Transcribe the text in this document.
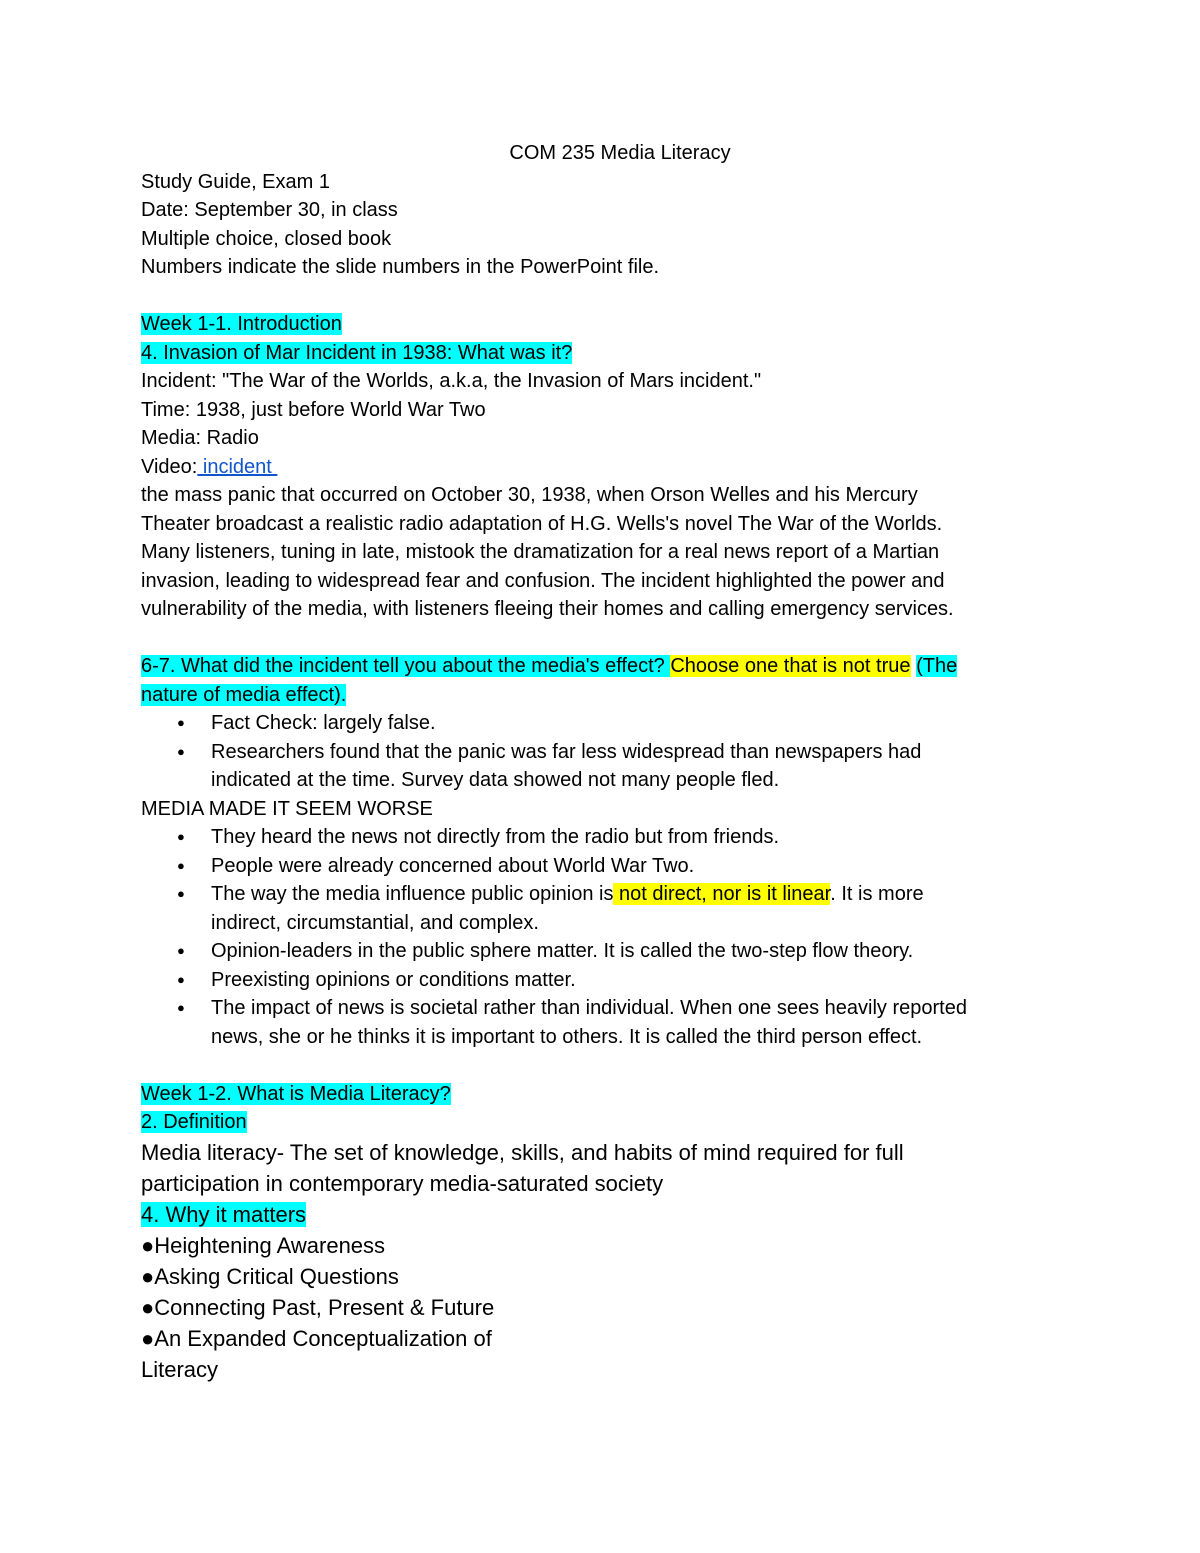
COM 235 Media Literacy

Study Guide, Exam 1

Date: September 30, in class

Multiple choice, closed book

Numbers indicate the slide numbers in the PowerPoint file.

Week 1-1. Introduction

4. Invasion of Mar Incident in 1938: What was it?

Incident: "The War of the Worlds, a.k.a, the Invasion of Mars incident."

Time: 1938, just before World War Two

Media: Radio

Video: incident

the mass panic that occurred on October 30, 1938, when Orson Welles and his Mercury

Theater broadcast a realistic radio adaptation of H.G. Wells's novel The War of the Worlds.

Many listeners, tuning in late, mistook the dramatization for a real news report of a Martian

invasion, leading to widespread fear and confusion. The incident highlighted the power and

vulnerability of the media, with listeners fleeing their homes and calling emergency services.

6-7. What did the incident tell you about the media's effect? Choose one that is not true (The

nature of media effect).

● Fact Check: largely false.
● Researchers found that the panic was far less widespread than newspapers had
indicated at the time. Survey data showed not many people fled.

MEDIA MADE IT SEEM WORSE

● They heard the news not directly from the radio but from friends.
● People were already concerned about World War Two.
● The way the media influence public opinion is not direct, nor is it linear. It is more
indirect, circumstantial, and complex.
● Opinion-leaders in the public sphere matter. It is called the two-step flow theory.
● Preexisting opinions or conditions matter.
● The impact of news is societal rather than individual. When one sees heavily reported
news, she or he thinks it is important to others. It is called the third person effect.

Week 1-2. What is Media Literacy?

2. Definition

Media literacy- The set of knowledge, skills, and habits of mind required for full

participation in contemporary media-saturated society

4. Why it matters

●Heightening Awareness

●Asking Critical Questions

●Connecting Past, Present & Future

●An Expanded Conceptualization of

Literacy
